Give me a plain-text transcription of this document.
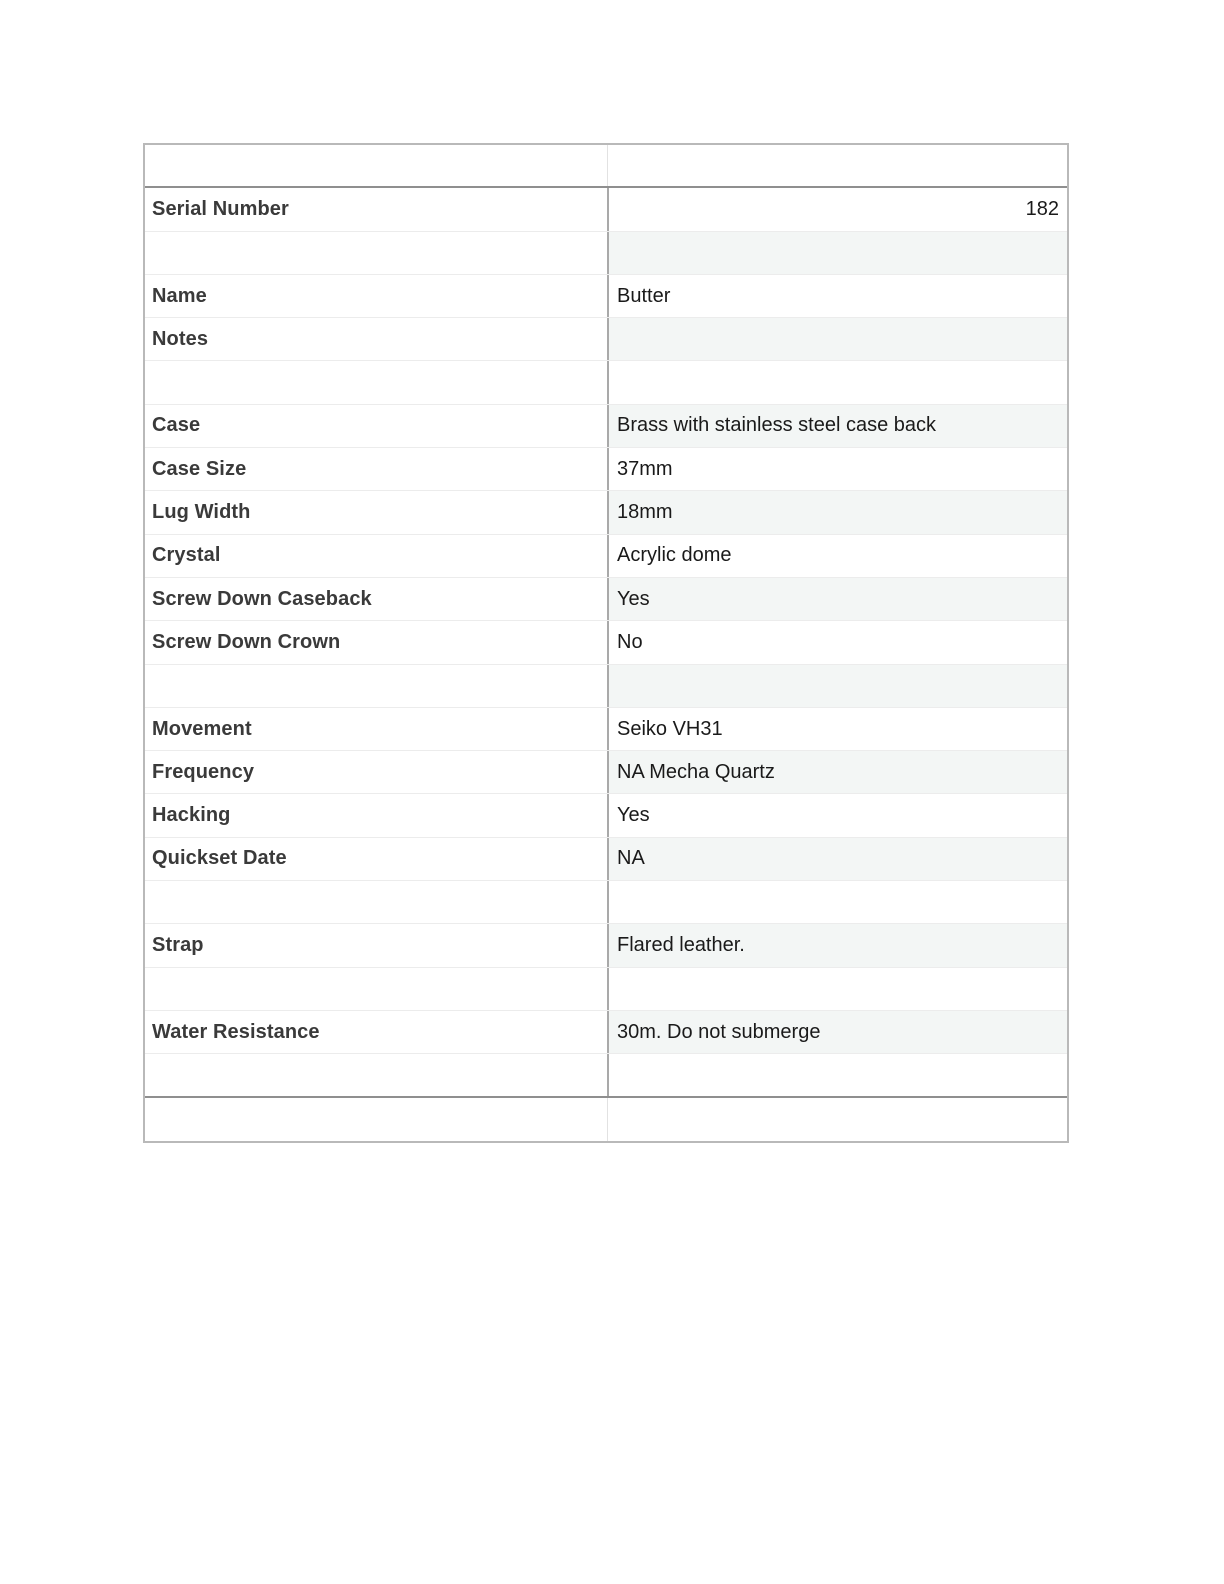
Serial Number	182
Name	Butter
Notes
Case	Brass with stainless steel case back
Case Size	37mm
Lug Width	18mm
Crystal	Acrylic dome
Screw Down Caseback	Yes
Screw Down Crown	No
Movement	Seiko VH31
Frequency	NA Mecha Quartz
Hacking	Yes
Quickset Date	NA
Strap	Flared leather.
Water Resistance	30m. Do not submerge
